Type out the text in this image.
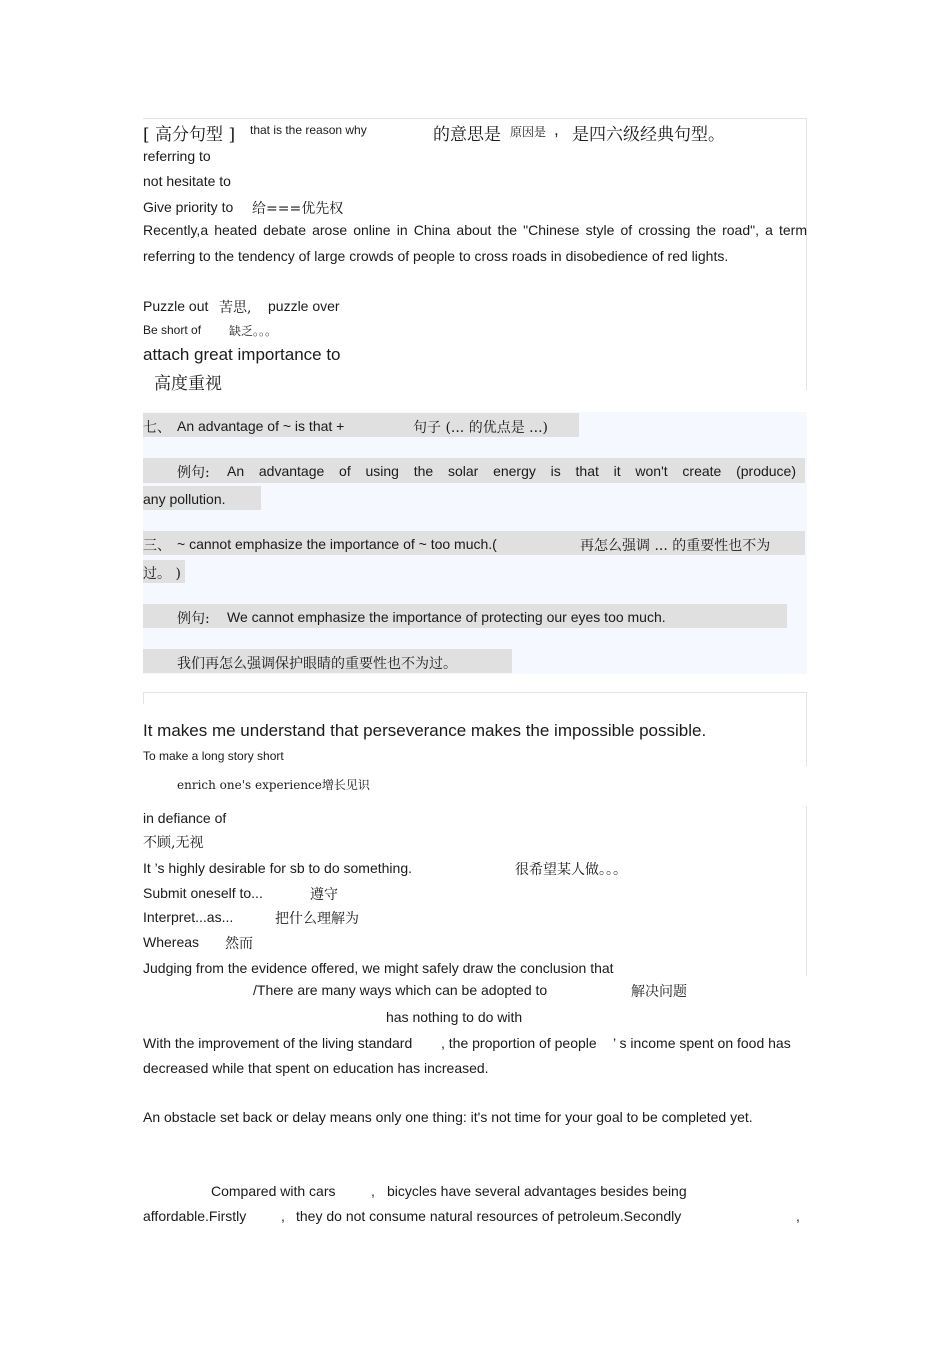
[ 高分句型 ] that is the reason why	的意思是 原因是 , 是四六级经典句型。
referring to
not hesitate to
Give priority to 给===优先权
Recently,a heated debate arose online in China about the "Chinese style of crossing the road", a term referring to the tendency of large crowds of people to cross roads in disobedience of red lights.
Puzzle out 苦思, puzzle over
Be short of 缺乏。。。
attach great importance to
高度重视
七、 An advantage of ~ is that +	句子 (... 的优点是 ...)
例句: An advantage of using the solar energy is that it won't create (produce)
any pollution.
三、 ~ cannot emphasize the importance of ~ too much.(	再怎么强调 ... 的重要性也不为
过。 )
例句: We cannot emphasize the importance of protecting our eyes too much.
我们再怎么强调保护眼睛的重要性也不为过。
It makes me understand that perseverance makes the impossible possible.
To make a long story short
enrich one's experience增长见识
in defiance of
不顾,无视
It ’s highly desirable for sb to do something.	很希望某人做。。。
Submit oneself to...	遵守
Interpret...as...	把什么理解为
Whereas 然而
Judging from the evidence offered, we might safely draw the conclusion that
/There are many ways which can be adopted to	解决问题
has nothing to do with
With the improvement of the living standard , the proportion of people ’ s income spent on food has
decreased while that spent on education has increased.
An obstacle set back or delay means only one thing: it's not time for your goal to be completed yet.
Compared with cars	, bicycles have several advantages besides being
affordable.Firstly , they do not consume natural resources of petroleum.Secondly	,
